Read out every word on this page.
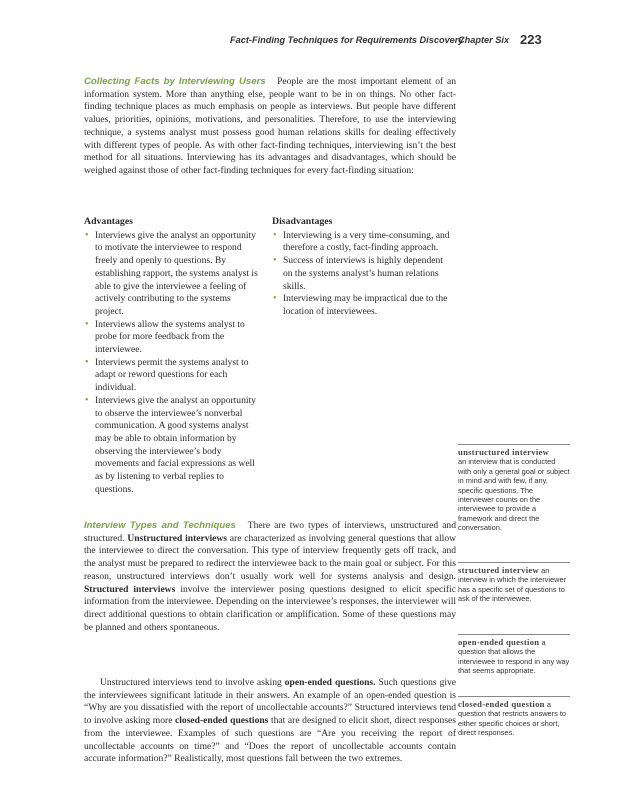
Fact-Finding Techniques for Requirements Discovery
Chapter Six 223
Collecting Facts by Interviewing Users People are the most important element of an information system. More than anything else, people want to be in on things. No other fact-finding technique places as much emphasis on people as interviews. But people have different values, priorities, opinions, motivations, and personalities. Therefore, to use the interviewing technique, a systems analyst must possess good human relations skills for dealing effectively with different types of people. As with other fact-finding techniques, interviewing isn’t the best method for all situations. Interviewing has its advantages and disadvantages, which should be weighed against those of other fact-finding techniques for every fact-finding situation:
Advantages
• Interviews give the analyst an opportunity to motivate the interviewee to respond freely and openly to questions. By establishing rapport, the systems analyst is able to give the interviewee a feeling of actively contributing to the systems project.
• Interviews allow the systems analyst to probe for more feedback from the interviewee.
• Interviews permit the systems analyst to adapt or reword questions for each individual.
• Interviews give the analyst an opportunity to observe the interviewee’s nonverbal communication. A good systems analyst may be able to obtain information by observing the interviewee’s body movements and facial expressions as well as by listening to verbal replies to questions.
Disadvantages
• Interviewing is a very time-consuming, and therefore a costly, fact-finding approach.
• Success of interviews is highly dependent on the systems analyst’s human relations skills.
• Interviewing may be impractical due to the location of interviewees.
Interview Types and Techniques There are two types of interviews, unstructured and structured. Unstructured interviews are characterized as involving general questions that allow the interviewee to direct the conversation. This type of interview frequently gets off track, and the analyst must be prepared to redirect the interviewee back to the main goal or subject. For this reason, unstructured interviews don’t usually work well for systems analysis and design. Structured interviews involve the interviewer posing questions designed to elicit specific information from the interviewee. Depending on the interviewee’s responses, the interviewer will direct additional questions to obtain clarification or amplification. Some of these questions may be planned and others spontaneous.
Unstructured interviews tend to involve asking open-ended questions. Such questions give the interviewees significant latitude in their answers. An example of an open-ended question is “Why are you dissatisfied with the report of uncollectable accounts?” Structured interviews tend to involve asking more closed-ended questions that are designed to elicit short, direct responses from the interviewee. Examples of such questions are “Are you receiving the report of uncollectable accounts on time?” and “Does the report of uncollectable accounts contain accurate information?” Realistically, most questions fall between the two extremes.
unstructured interview
an interview that is conducted with only a general goal or subject in mind and with few, if any, specific questions. The interviewer counts on the interviewee to provide a framework and direct the conversation.
structured interview an interview in which the interviewer has a specific set of questions to ask of the interviewee.
open-ended question a question that allows the interviewee to respond in any way that seems appropriate.
closed-ended question a question that restricts answers to either specific choices or short, direct responses.
